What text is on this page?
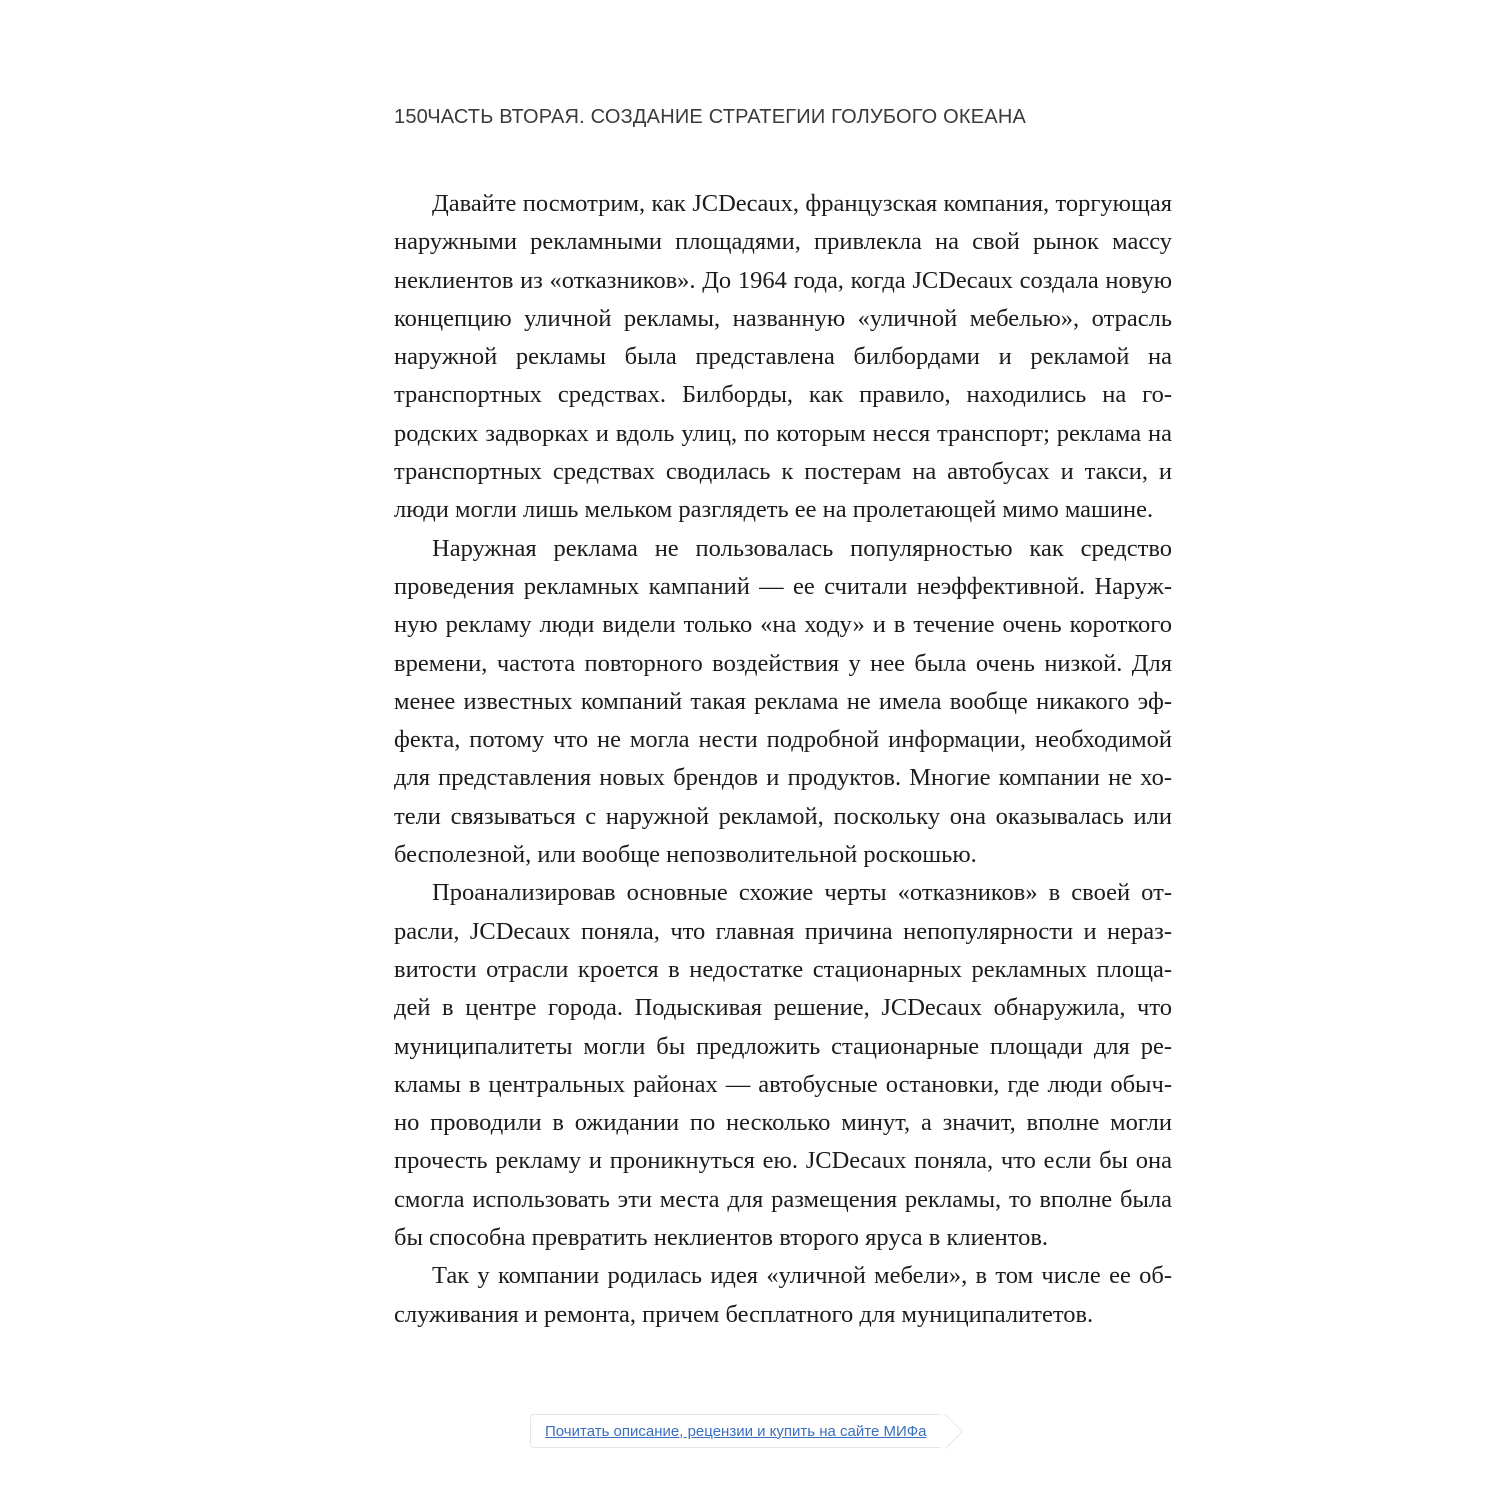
150 ЧАСТЬ ВТОРАЯ. СОЗДАНИЕ СТРАТЕГИИ ГОЛУБОГО ОКЕАНА

Давайте посмотрим, как JCDecaux, французская компания, торгующая наружными рекламными площадями, привлекла на свой рынок массу неклиентов из «отказников». До 1964 года, когда JCDecaux создала новую концепцию уличной рекламы, названную «уличной мебелью», отрасль наружной рекламы была представлена билбордами и рекламой на транспортных средствах. Билборды, как правило, находились на городских задворках и вдоль улиц, по которым несся транспорт; реклама на транспортных средствах сводилась к постерам на автобусах и такси, и люди могли лишь мельком разглядеть ее на пролетающей мимо машине.

Наружная реклама не пользовалась популярностью как средство проведения рекламных кампаний — ее считали неэффективной. Наружную рекламу люди видели только «на ходу» и в течение очень короткого времени, частота повторного воздействия у нее была очень низкой. Для менее известных компаний такая реклама не имела вообще никакого эффекта, потому что не могла нести подробной информации, необходимой для представления новых брендов и продуктов. Многие компании не хотели связываться с наружной рекламой, поскольку она оказывалась или бесполезной, или вообще непозволительной роскошью.

Проанализировав основные схожие черты «отказников» в своей отрасли, JCDecaux поняла, что главная причина непопулярности и неразвитости отрасли кроется в недостатке стационарных рекламных площадей в центре города. Подыскивая решение, JCDecaux обнаружила, что муниципалитеты могли бы предложить стационарные площади для рекламы в центральных районах — автобусные остановки, где люди обычно проводили в ожидании по несколько минут, а значит, вполне могли прочесть рекламу и проникнуться ею. JCDecaux поняла, что если бы она смогла использовать эти места для размещения рекламы, то вполне была бы способна превратить неклиентов второго яруса в клиентов.

Так у компании родилась идея «уличной мебели», в том числе ее обслуживания и ремонта, причем бесплатного для муниципалитетов.

Почитать описание, рецензии и купить на сайте МИФа
